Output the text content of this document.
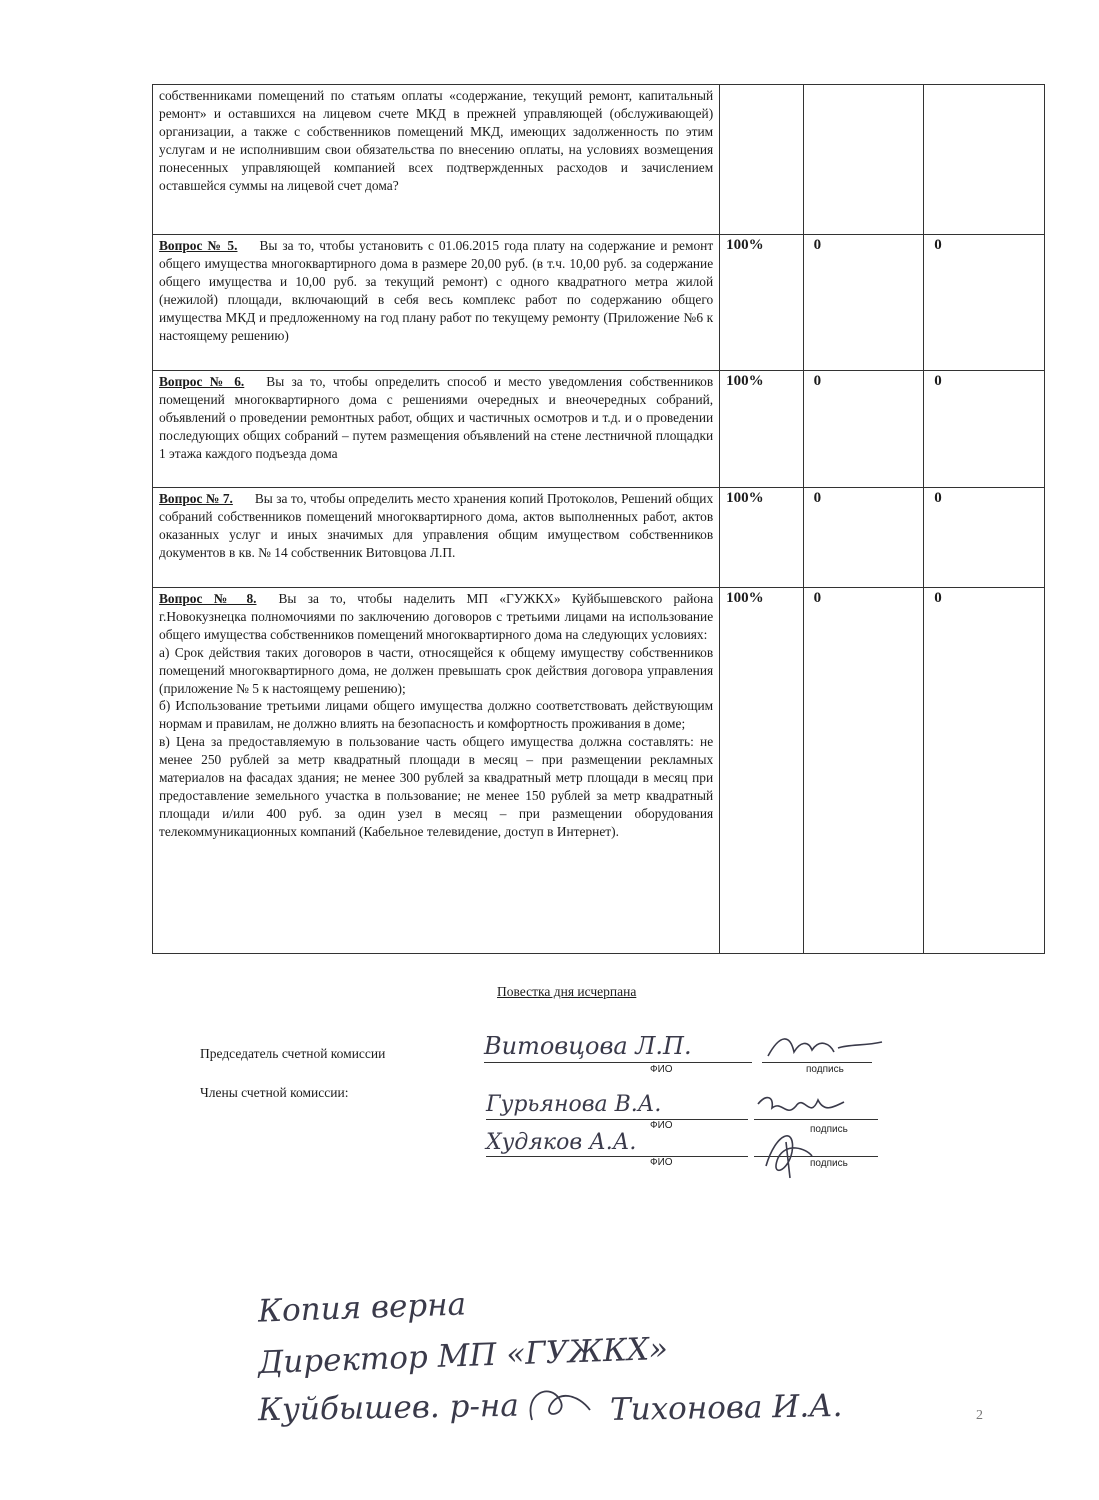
собственниками помещений по статьям оплаты «содержание, текущий ремонт, капитальный ремонт» и оставшихся на лицевом счете МКД в прежней управляющей (обслуживающей) организации, а также с собственников помещений МКД, имеющих задолженность по этим услугам и не исполнившим свои обязательства по внесению оплаты, на условиях возмещения понесенных управляющей компанией всех подтвержденных расходов и зачислением оставшейся суммы на лицевой счет дома?			
Вопрос № 5. Вы за то, чтобы установить с 01.06.2015 года плату на содержание и ремонт общего имущества многоквартирного дома в размере 20,00 руб. (в т.ч. 10,00 руб. за содержание общего имущества и 10,00 руб. за текущий ремонт) с одного квадратного метра жилой (нежилой) площади, включающий в себя весь комплекс работ по содержанию общего имущества МКД и предложенному на год плану работ по текущему ремонту (Приложение №6 к настоящему решению)	100%	0	0
Вопрос № 6. Вы за то, чтобы определить способ и место уведомления собственников помещений многоквартирного дома с решениями очередных и внеочередных собраний, объявлений о проведении ремонтных работ, общих и частичных осмотров и т.д. и о проведении последующих общих собраний – путем размещения объявлений на стене лестничной площадки 1 этажа каждого подъезда дома	100%	0	0
Вопрос № 7. Вы за то, чтобы определить место хранения копий Протоколов, Решений общих собраний собственников помещений многоквартирного дома, актов выполненных работ, актов оказанных услуг и иных значимых для управления общим имуществом собственников документов в кв. № 14 собственник Витовцова Л.П.	100%	0	0
Вопрос № 8. Вы за то, чтобы наделить МП «ГУЖКХ» Куйбышевского района г.Новокузнецка полномочиями по заключению договоров с третьими лицами на использование общего имущества собственников помещений многоквартирного дома на следующих условиях:
а) Срок действия таких договоров в части, относящейся к общему имуществу собственников помещений многоквартирного дома, не должен превышать срок действия договора управления (приложение № 5 к настоящему решению);
б) Использование третьими лицами общего имущества должно соответствовать действующим нормам и правилам, не должно влиять на безопасность и комфортность проживания в доме;
в) Цена за предоставляемую в пользование часть общего имущества должна составлять: не менее 250 рублей за метр квадратный площади в месяц – при размещении рекламных материалов на фасадах здания; не менее 300 рублей за квадратный метр площади в месяц при предоставление земельного участка в пользование; не менее 150 рублей за метр квадратный площади и/или 400 руб. за один узел в месяц – при размещении оборудования телекоммуникационных компаний (Кабельное телевидение, доступ в Интернет).	100%	0	0
Повестка дня исчерпана
Председатель счетной комиссии
Члены счетной комиссии:
Витовцова Л.П.
ФИО	подпись
Гурьянова В.А.
ФИО	подпись
Худяков А.А.
ФИО	подпись
Копия верна
Директор МП «ГУЖКХ»
Куйбышев. р-на	Тихонова И.А.	2
